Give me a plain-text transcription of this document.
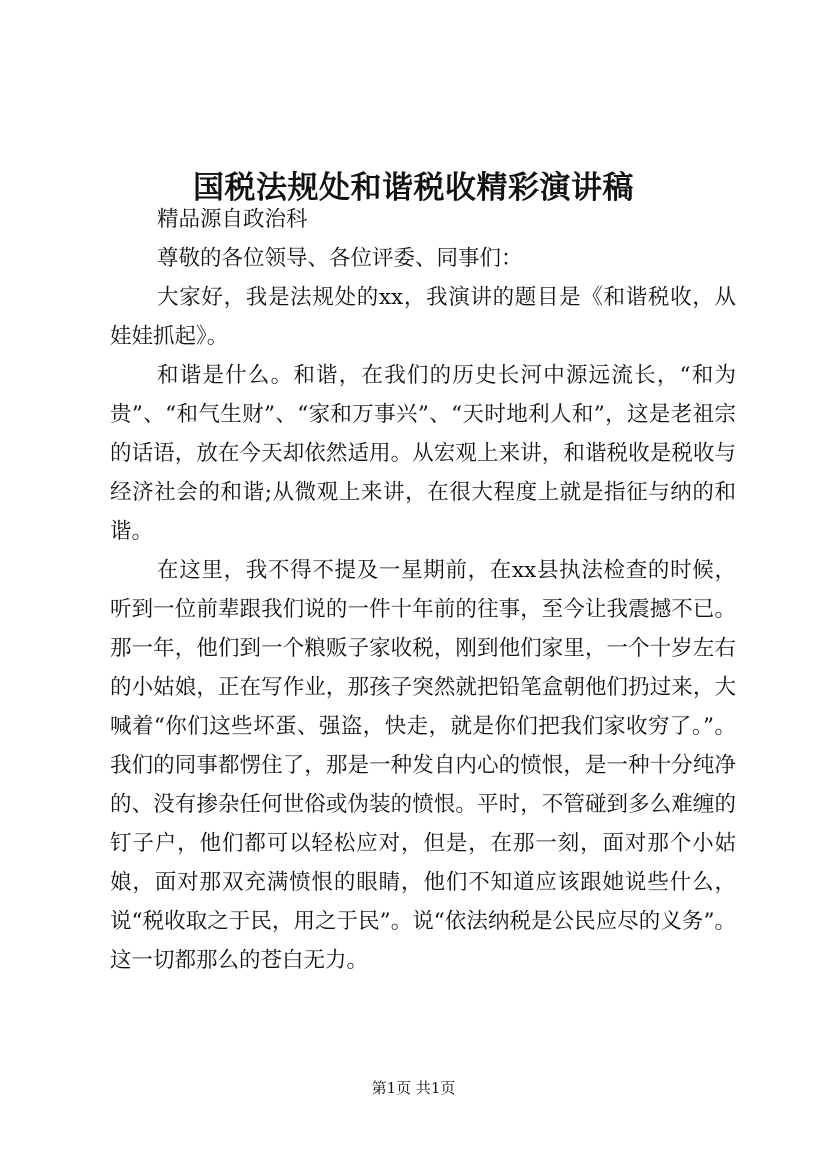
国税法规处和谐税收精彩演讲稿

精品源自政治科

尊敬的各位领导、各位评委、同事们：

大家好，我是法规处的xx，我演讲的题目是《和谐税收，从娃娃抓起》。

和谐是什么。和谐，在我们的历史长河中源远流长，“和为贵”、“和气生财”、“家和万事兴”、“天时地利人和”，这是老祖宗的话语，放在今天却依然适用。从宏观上来讲，和谐税收是税收与经济社会的和谐;从微观上来讲，在很大程度上就是指征与纳的和谐。

在这里，我不得不提及一星期前，在xx县执法检查的时候，听到一位前辈跟我们说的一件十年前的往事，至今让我震撼不已。那一年，他们到一个粮贩子家收税，刚到他们家里，一个十岁左右的小姑娘，正在写作业，那孩子突然就把铅笔盒朝他们扔过来，大喊着“你们这些坏蛋、强盗，快走，就是你们把我们家收穷了。”。我们的同事都愣住了，那是一种发自内心的愤恨，是一种十分纯净的、没有掺杂任何世俗或伪装的愤恨。平时，不管碰到多么难缠的钉子户，他们都可以轻松应对，但是，在那一刻，面对那个小姑娘，面对那双充满愤恨的眼睛，他们不知道应该跟她说些什么，说“税收取之于民，用之于民”。说“依法纳税是公民应尽的义务”。这一切都那么的苍白无力。

第1页 共1页
